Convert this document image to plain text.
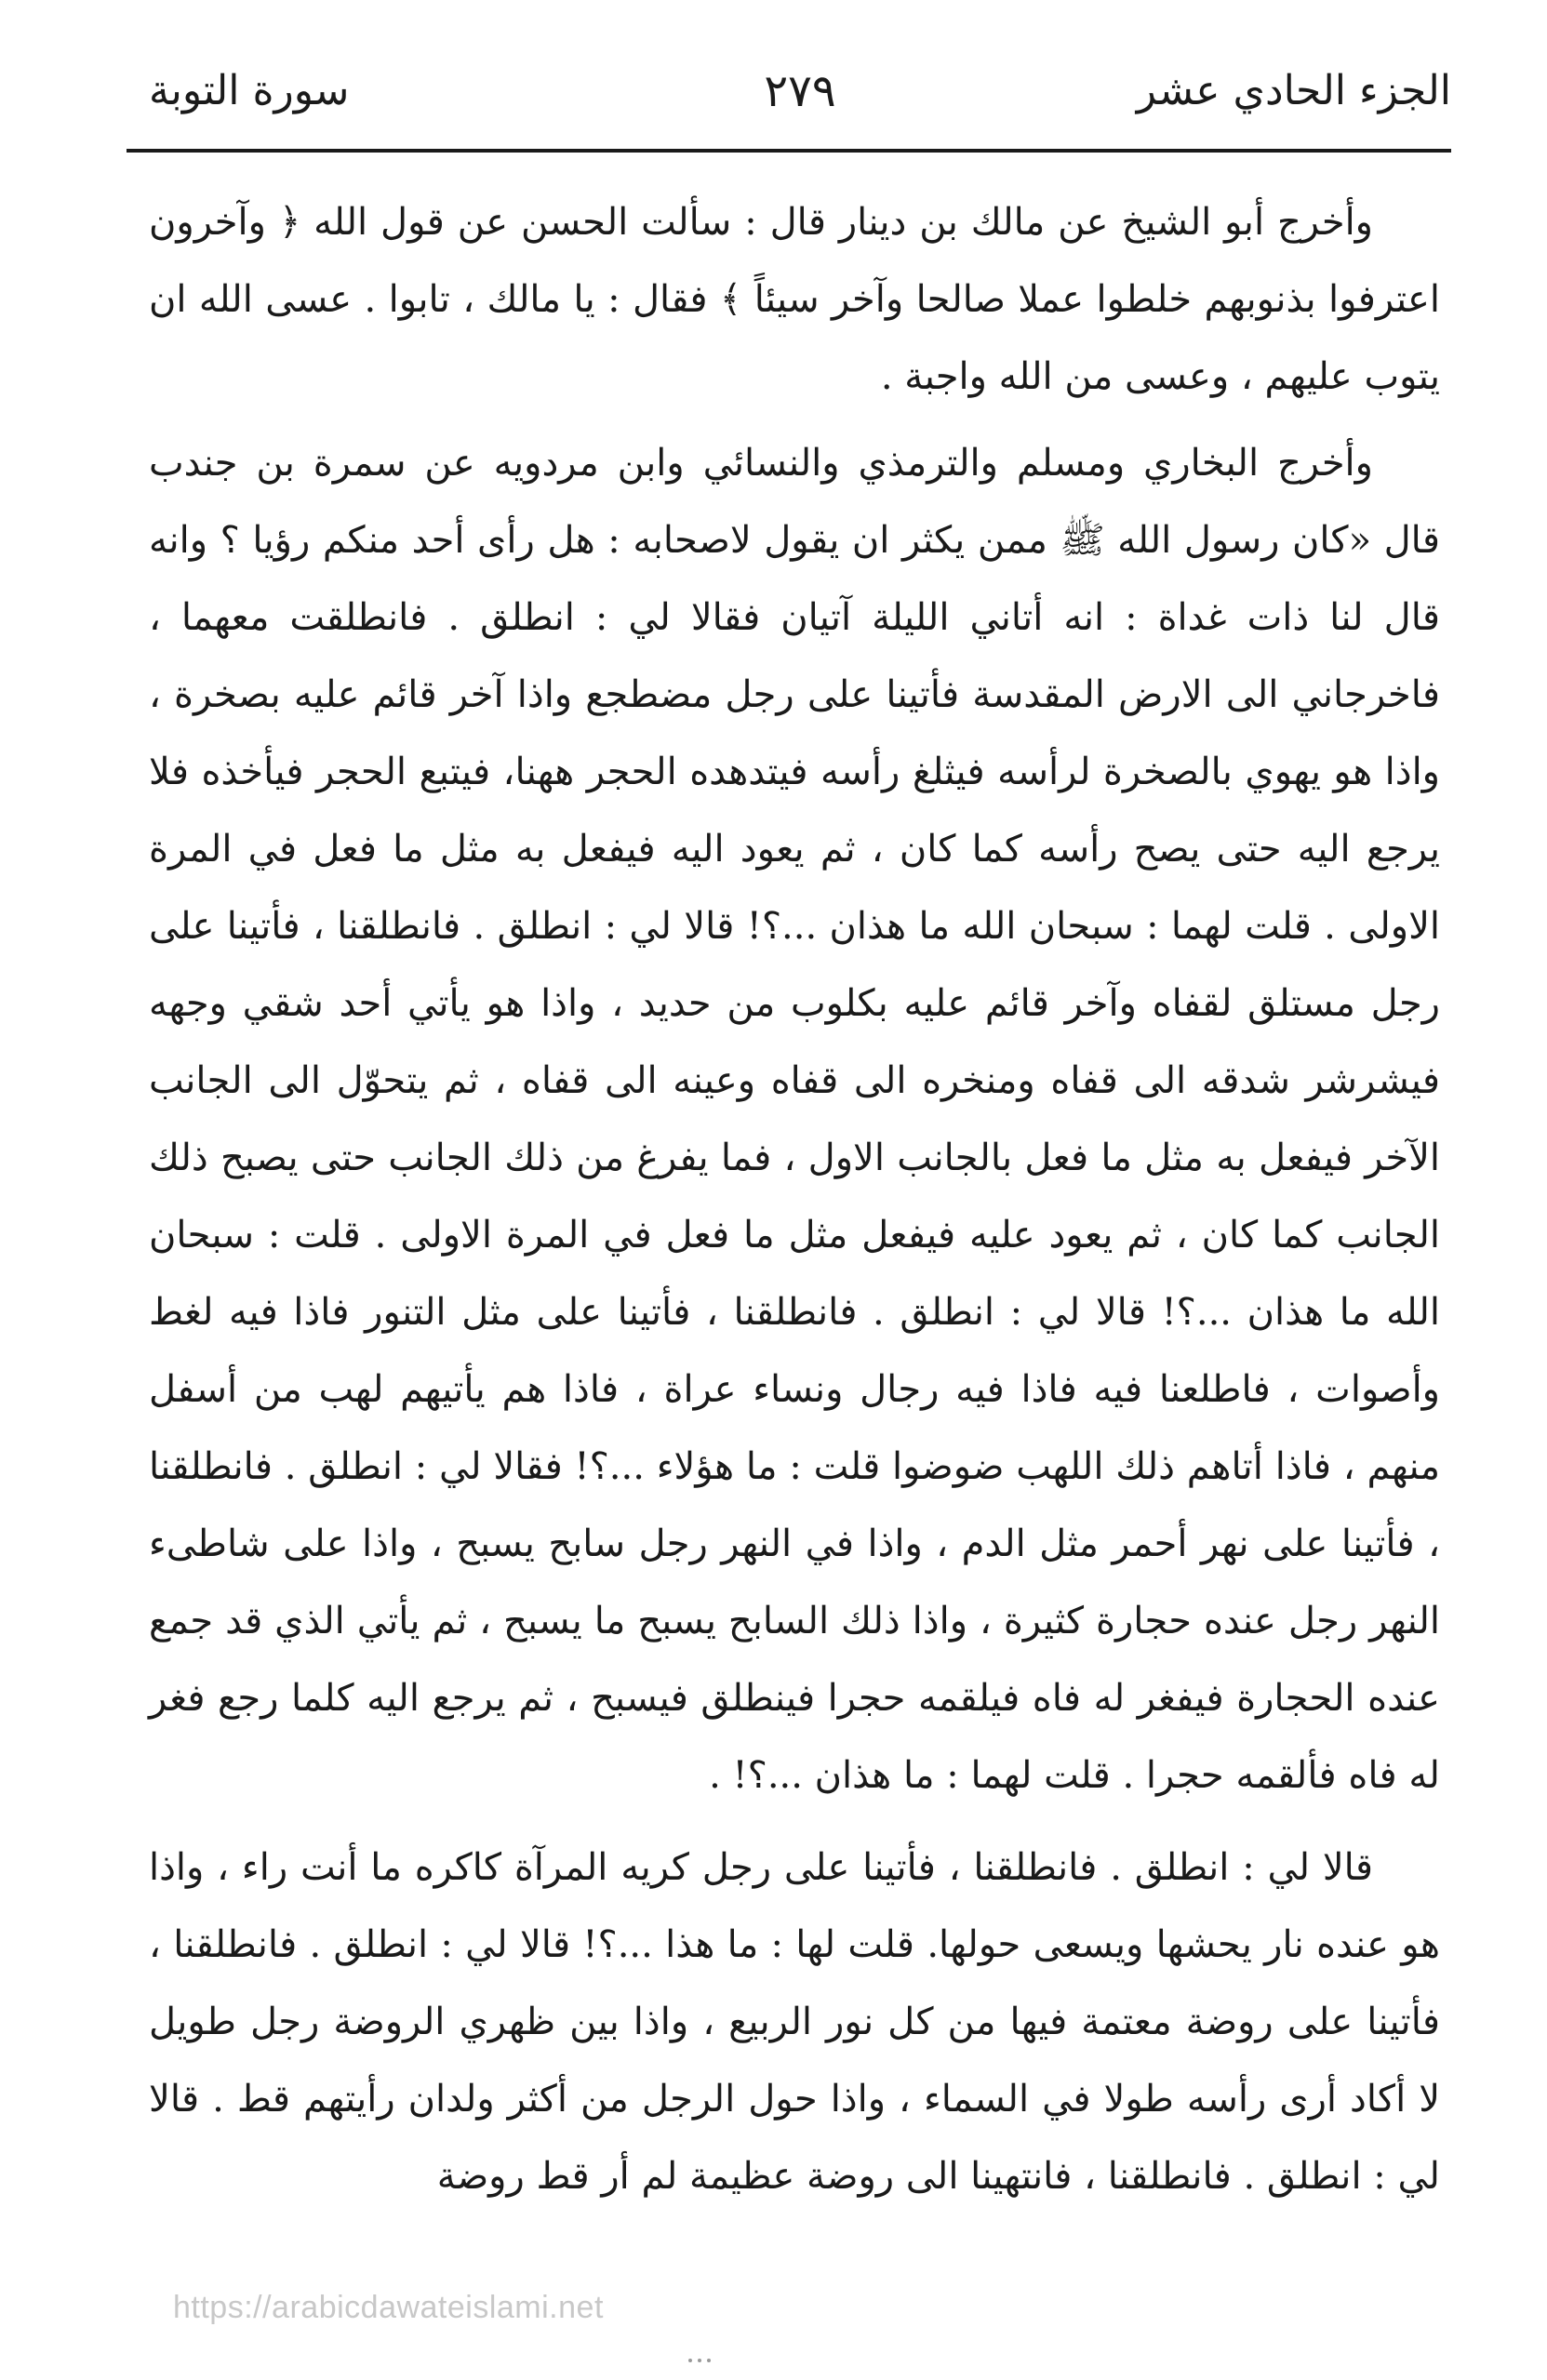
الجزء الحادي عشر
٢٧٩
سورة التوبة

وأخرج أبو الشيخ عن مالك بن دينار قال : سألت الحسن عن قول الله ﴿ وآخرون اعترفوا بذنوبهم خلطوا عملا صالحا وآخر سيئاً ﴾ فقال : يا مالك ، تابوا . عسى الله ان يتوب عليهم ، وعسى من الله واجبة .

وأخرج البخاري ومسلم والترمذي والنسائي وابن مردويه عن سمرة بن جندب قال «كان رسول الله ﷺ ممن يكثر ان يقول لاصحابه : هل رأى أحد منكم رؤيا ؟ وانه قال لنا ذات غداة : انه أتاني الليلة آتيان فقالا لي : انطلق . فانطلقت معهما ، فاخرجاني الى الارض المقدسة فأتينا على رجل مضطجع واذا آخر قائم عليه بصخرة ، واذا هو يهوي بالصخرة لرأسه فيثلغ رأسه فيتدهده الحجر ههنا، فيتبع الحجر فيأخذه فلا يرجع اليه حتى يصح رأسه كما كان ، ثم يعود اليه فيفعل به مثل ما فعل في المرة الاولى . قلت لهما : سبحان الله ما هذان ...؟! قالا لي : انطلق . فانطلقنا ، فأتينا على رجل مستلق لقفاه وآخر قائم عليه بكلوب من حديد ، واذا هو يأتي أحد شقي وجهه فيشرشر شدقه الى قفاه ومنخره الى قفاه وعينه الى قفاه ، ثم يتحوّل الى الجانب الآخر فيفعل به مثل ما فعل بالجانب الاول ، فما يفرغ من ذلك الجانب حتى يصبح ذلك الجانب كما كان ، ثم يعود عليه فيفعل مثل ما فعل في المرة الاولى . قلت : سبحان الله ما هذان ...؟! قالا لي : انطلق . فانطلقنا ، فأتينا على مثل التنور فاذا فيه لغط وأصوات ، فاطلعنا فيه فاذا فيه رجال ونساء عراة ، فاذا هم يأتيهم لهب من أسفل منهم ، فاذا أتاهم ذلك اللهب ضوضوا قلت : ما هؤلاء ...؟! فقالا لي : انطلق . فانطلقنا ، فأتينا على نهر أحمر مثل الدم ، واذا في النهر رجل سابح يسبح ، واذا على شاطىء النهر رجل عنده حجارة كثيرة ، واذا ذلك السابح يسبح ما يسبح ، ثم يأتي الذي قد جمع عنده الحجارة فيفغر له فاه فيلقمه حجرا فينطلق فيسبح ، ثم يرجع اليه كلما رجع فغر له فاه فألقمه حجرا . قلت لهما : ما هذان ...؟! .

قالا لي : انطلق . فانطلقنا ، فأتينا على رجل كريه المرآة كاكره ما أنت راء ، واذا هو عنده نار يحشها ويسعى حولها. قلت لها : ما هذا ...؟! قالا لي : انطلق . فانطلقنا ، فأتينا على روضة معتمة فيها من كل نور الربيع ، واذا بين ظهري الروضة رجل طويل لا أكاد أرى رأسه طولا في السماء ، واذا حول الرجل من أكثر ولدان رأيتهم قط . قالا لي : انطلق . فانطلقنا ، فانتهينا الى روضة عظيمة لم أر قط روضة

https://arabicdawateislami.net
